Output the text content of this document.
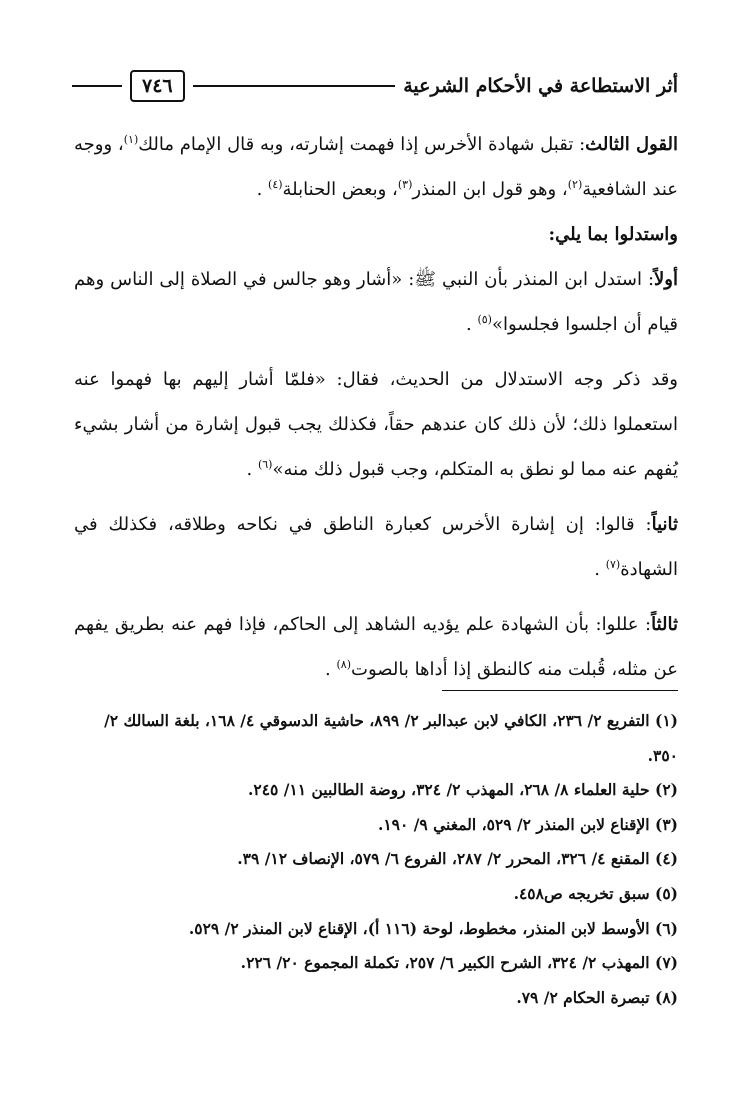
أثر الاستطاعة في الأحكام الشرعية
٧٤٦

القول الثالث: تقبل شهادة الأخرس إذا فهمت إشارته، وبه قال الإمام مالك$^{(١)}$، ووجه عند الشافعية$^{(٢)}$، وهو قول ابن المنذر$^{(٣)}$، وبعض الحنابلة$^{(٤)}$ .

واستدلوا بما يلي:

أولاً: استدل ابن المنذر بأن النبي ﷺ: «أشار وهو جالس في الصلاة إلى الناس وهم قيام أن اجلسوا فجلسوا»$^{(٥)}$ .

وقد ذكر وجه الاستدلال من الحديث، فقال: «فلمّا أشار إليهم بها فهموا عنه استعملوا ذلك؛ لأن ذلك كان عندهم حقاً، فكذلك يجب قبول إشارة من أشار بشيء يُفهم عنه مما لو نطق به المتكلم، وجب قبول ذلك منه»$^{(٦)}$ .

ثانياً: قالوا: إن إشارة الأخرس كعبارة الناطق في نكاحه وطلاقه، فكذلك في الشهادة$^{(٧)}$ .

ثالثاً: عللوا: بأن الشهادة علم يؤديه الشاهد إلى الحاكم، فإذا فهم عنه بطريق يفهم عن مثله، قُبلت منه كالنطق إذا أداها بالصوت$^{(٨)}$ .

(١) التفريع ٢/ ٢٣٦، الكافي لابن عبدالبر ٢/ ٨٩٩، حاشية الدسوقي ٤/ ١٦٨، بلغة السالك ٢/ ٣٥٠.

(٢) حلية العلماء ٨/ ٢٦٨، المهذب ٢/ ٣٢٤، روضة الطالبين ١١/ ٢٤٥.

(٣) الإقناع لابن المنذر ٢/ ٥٢٩، المغني ٩/ ١٩٠.

(٤) المقنع ٤/ ٣٢٦، المحرر ٢/ ٢٨٧، الفروع ٦/ ٥٧٩، الإنصاف ١٢/ ٣٩.

(٥) سبق تخريجه ص٤٥٨.

(٦) الأوسط لابن المنذر، مخطوط، لوحة (١١٦ أ)، الإقناع لابن المنذر ٢/ ٥٢٩.

(٧) المهذب ٢/ ٣٢٤، الشرح الكبير ٦/ ٢٥٧، تكملة المجموع ٢٠/ ٢٢٦.

(٨) تبصرة الحكام ٢/ ٧٩.
